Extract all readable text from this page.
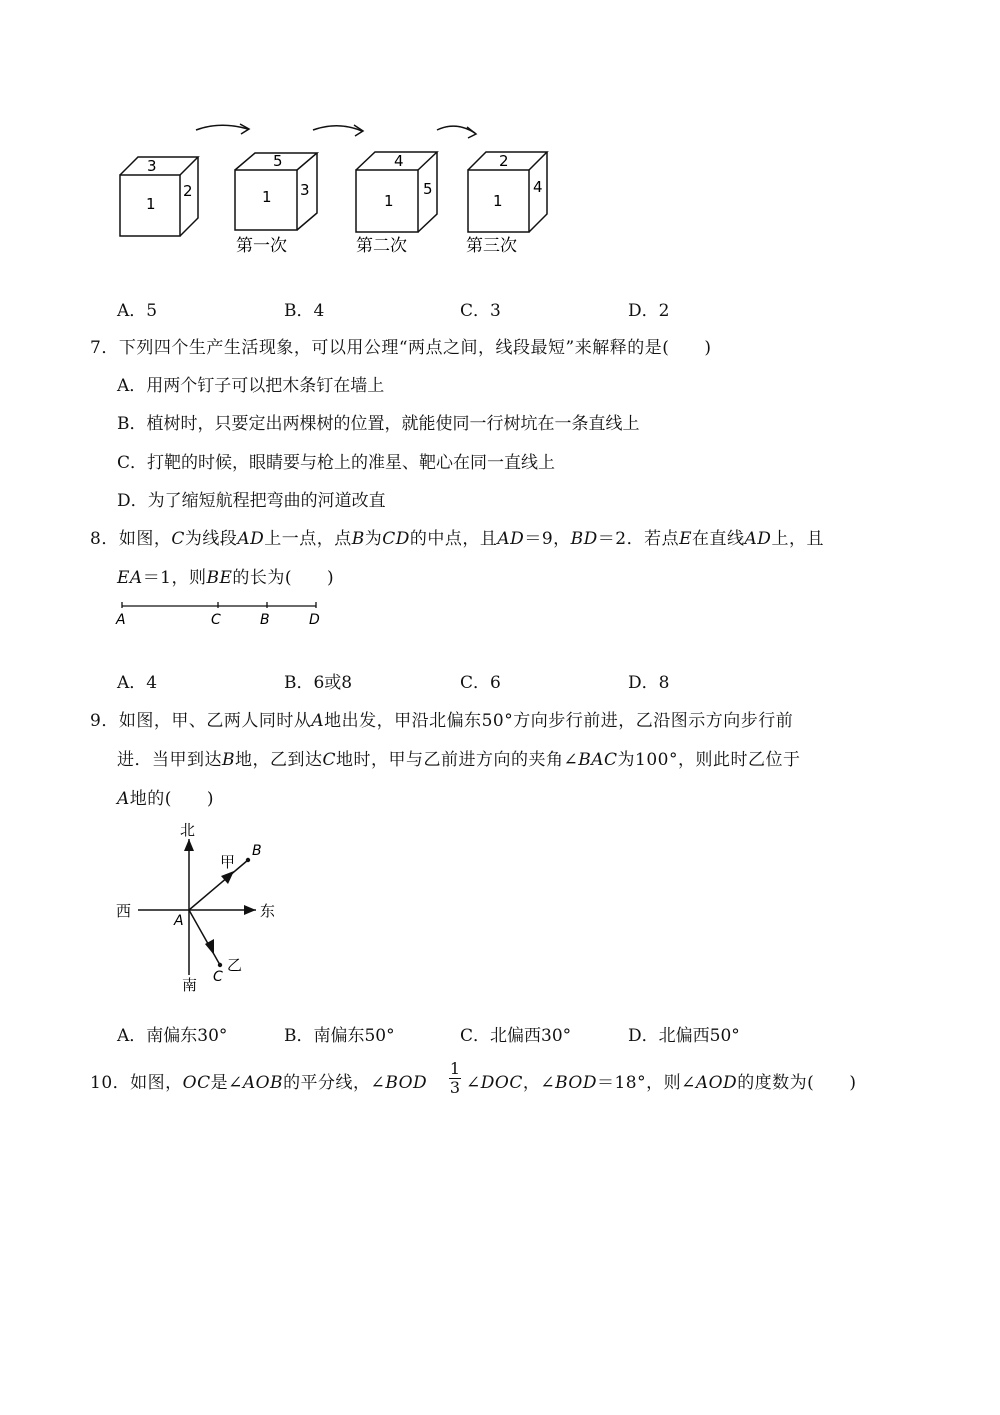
1
3
2	1
5
3
第一次
1
4
5
第二次
1
2
4
第三次
A．5	B．4	C．3	D．2
7．下列四个生产生活现象，可以用公理“两点之间，线段最短”来解释的是(　　)
A．用两个钉子可以把木条钉在墙上
B．植树时，只要定出两棵树的位置，就能使同一行树坑在一条直线上
C．打靶的时候，眼睛要与枪上的准星、靶心在同一直线上
D．为了缩短航程把弯曲的河道改直
8．如图，C为线段AD上一点，点B为CD的中点，且AD＝9，BD＝2．若点E在直线AD上，且
EA＝1，则BE的长为(　　)
A	C	B	D
A．4	B．6或8	C．6	D．8
9．如图，甲、乙两人同时从A地出发，甲沿北偏东50°方向步行前进，乙沿图示方向步行前
进．当甲到达B地，乙到达C地时，甲与乙前进方向的夹角∠BAC为100°，则此时乙位于
A地的(　　)
北
南
西	东
A
B
C
甲
乙
A．南偏东30°	B．南偏东50°	C．北偏西30°	D．北偏西50°
10．如图，OC是∠AOB的平分线，∠BOD
1
3 ∠DOC，∠BOD＝18°，则∠AOD的度数为(　　)
